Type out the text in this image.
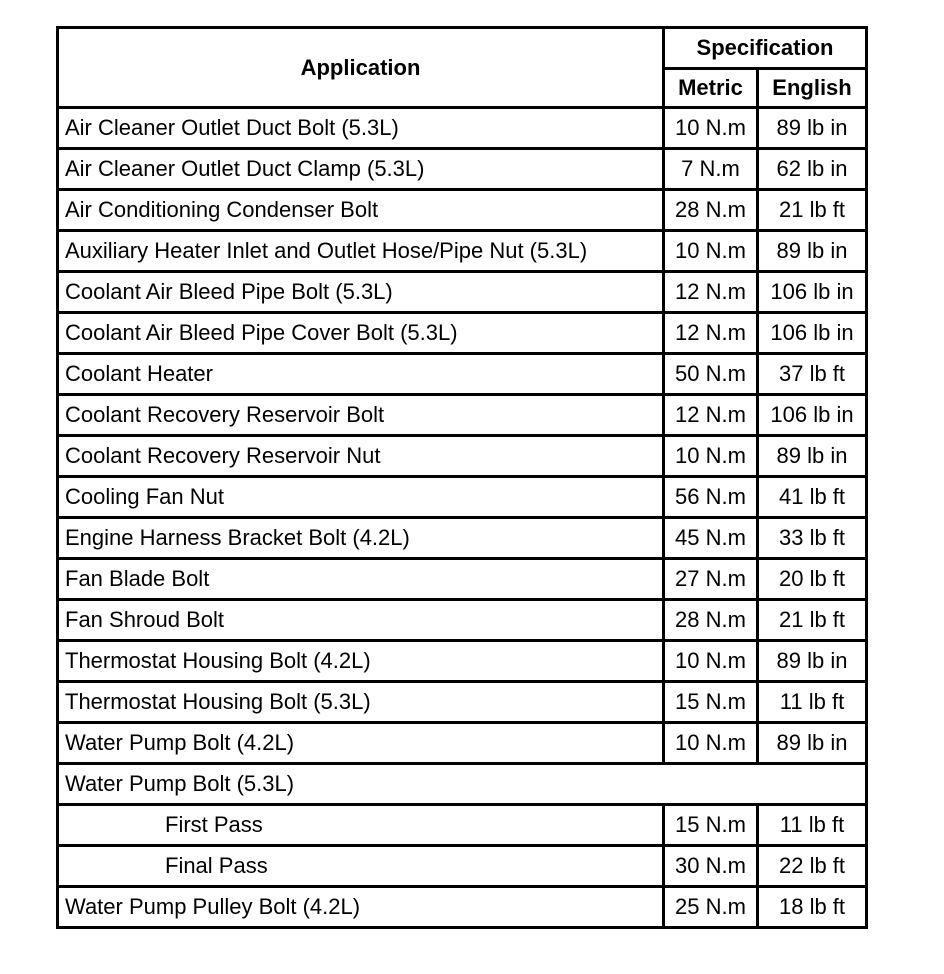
Application	Specification	
	Metric	English
Air Cleaner Outlet Duct Bolt (5.3L)	10 N.m	89 lb in
Air Cleaner Outlet Duct Clamp (5.3L)	7 N.m	62 lb in
Air Conditioning Condenser Bolt	28 N.m	21 lb ft
Auxiliary Heater Inlet and Outlet Hose/Pipe Nut (5.3L)	10 N.m	89 lb in
Coolant Air Bleed Pipe Bolt (5.3L)	12 N.m	106 lb in
Coolant Air Bleed Pipe Cover Bolt (5.3L)	12 N.m	106 lb in
Coolant Heater	50 N.m	37 lb ft
Coolant Recovery Reservoir Bolt	12 N.m	106 lb in
Coolant Recovery Reservoir Nut	10 N.m	89 lb in
Cooling Fan Nut	56 N.m	41 lb ft
Engine Harness Bracket Bolt (4.2L)	45 N.m	33 lb ft
Fan Blade Bolt	27 N.m	20 lb ft
Fan Shroud Bolt	28 N.m	21 lb ft
Thermostat Housing Bolt (4.2L)	10 N.m	89 lb in
Thermostat Housing Bolt (5.3L)	15 N.m	11 lb ft
Water Pump Bolt (4.2L)	10 N.m	89 lb in
Water Pump Bolt (5.3L)		
First Pass	15 N.m	11 lb ft
Final Pass	30 N.m	22 lb ft
Water Pump Pulley Bolt (4.2L)	25 N.m	18 lb ft
